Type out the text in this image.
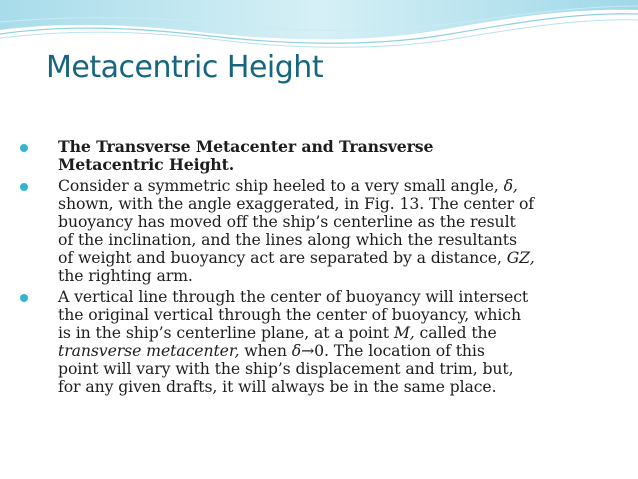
Metacentric Height
The Transverse Metacenter and Transverse
Metacentric Height.
Consider a symmetric ship heeled to a very small angle, δ,
shown, with the angle exaggerated, in Fig. 13. The center of
buoyancy has moved off the ship’s centerline as the result
of the inclination, and the lines along which the resultants
of weight and buoyancy act are separated by a distance, GZ,
the righting arm.
A vertical line through the center of buoyancy will intersect
the original vertical through the center of buoyancy, which
is in the ship’s centerline plane, at a point M, called the
transverse metacenter, when δ→0. The location of this
point will vary with the ship’s displacement and trim, but,
for any given drafts, it will always be in the same place.
